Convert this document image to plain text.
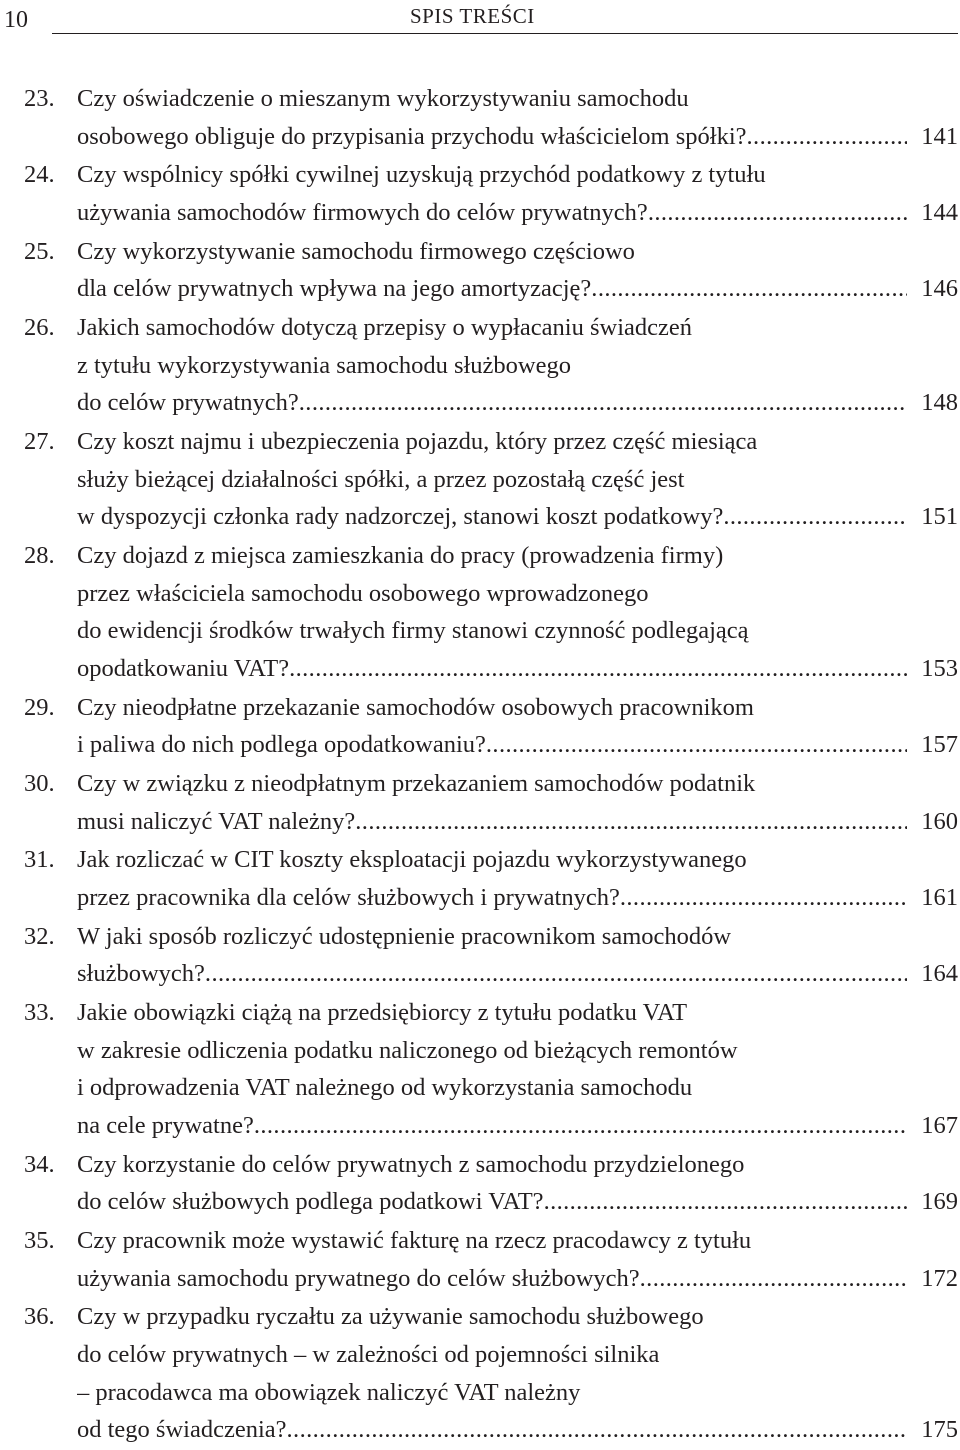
10	SPIS TREŚCI
23. Czy oświadczenie o mieszanym wykorzystywaniu samochodu
osobowego obliguje do przypisania przychodu właścicielom spółki? .....	141
24. Czy wspólnicy spółki cywilnej uzyskują przychód podatkowy z tytułu
używania samochodów firmowych do celów prywatnych? .....	144
25. Czy wykorzystywanie samochodu firmowego częściowo
dla celów prywatnych wpływa na jego amortyzację? .....	146
26. Jakich samochodów dotyczą przepisy o wypłacaniu świadczeń
z tytułu wykorzystywania samochodu służbowego
do celów prywatnych? .....	148
27. Czy koszt najmu i ubezpieczenia pojazdu, który przez część miesiąca
służy bieżącej działalności spółki, a przez pozostałą część jest
w dyspozycji członka rady nadzorczej, stanowi koszt podatkowy? .....	151
28. Czy dojazd z miejsca zamieszkania do pracy (prowadzenia firmy)
przez właściciela samochodu osobowego wprowadzonego
do ewidencji środków trwałych firmy stanowi czynność podlegającą
opodatkowaniu VAT? .....	153
29. Czy nieodpłatne przekazanie samochodów osobowych pracownikom
i paliwa do nich podlega opodatkowaniu? .....	157
30. Czy w związku z nieodpłatnym przekazaniem samochodów podatnik
musi naliczyć VAT należny? .....	160
31. Jak rozliczać w CIT koszty eksploatacji pojazdu wykorzystywanego
przez pracownika dla celów służbowych i prywatnych? .....	161
32. W jaki sposób rozliczyć udostępnienie pracownikom samochodów
służbowych? .....	164
33. Jakie obowiązki ciążą na przedsiębiorcy z tytułu podatku VAT
w zakresie odliczenia podatku naliczonego od bieżących remontów
i odprowadzenia VAT należnego od wykorzystania samochodu
na cele prywatne? .....	167
34. Czy korzystanie do celów prywatnych z samochodu przydzielonego
do celów służbowych podlega podatkowi VAT? .....	169
35. Czy pracownik może wystawić fakturę na rzecz pracodawcy z tytułu
używania samochodu prywatnego do celów służbowych? .....	172
36. Czy w przypadku ryczałtu za używanie samochodu służbowego
do celów prywatnych – w zależności od pojemności silnika
– pracodawca ma obowiązek naliczyć VAT należny
od tego świadczenia? .....	175
